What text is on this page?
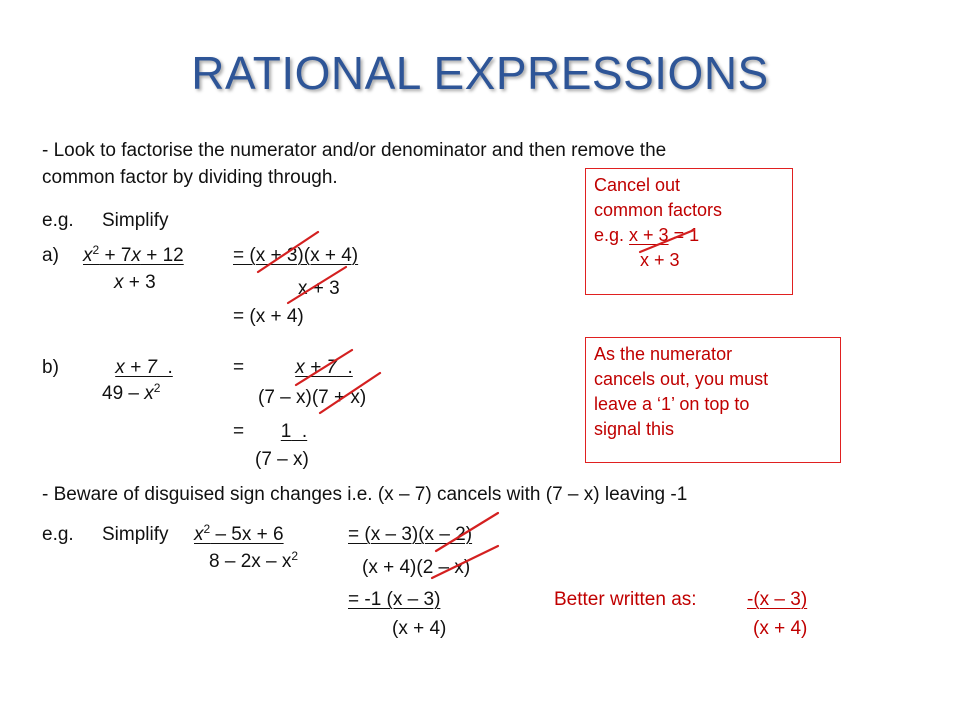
RATIONAL EXPRESSIONS
- Look to factorise the numerator and/or denominator and then remove the
common factor by dividing through.
e.g. Simplify
a) $x^2 + 7x + 12$
x + 3
= (x + 3)(x + 4)
x + 3
= (x + 4)
b)	x + 7  .
$49 - x^2$
=	x + 7  .
(7 – x)(7 + x)
=	1  .
(7 – x)
Cancel out
common factors
e.g. x + 3 = 1
x + 3
As the numerator
cancels out, you must
leave a ‘1’ on top to
signal this
- Beware of disguised sign changes i.e. (x – 7) cancels with (7 – x) leaving -1
e.g. Simplify $x^2 - 5x + 6$
$8 - 2x - x^2$
= (x – 3)(x – 2)
(x + 4)(2 – x)
= -1 (x – 3)
(x + 4)
Better written as:	-(x – 3)
(x + 4)
